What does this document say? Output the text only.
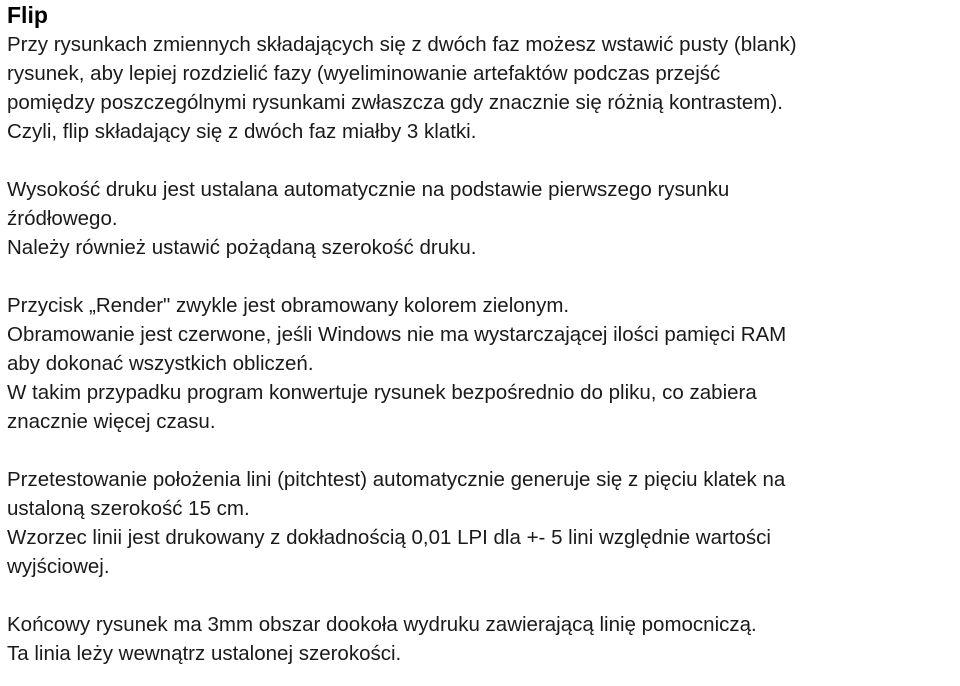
Flip

Przy rysunkach zmiennych składających się z dwóch faz możesz wstawić pusty (blank)

rysunek, aby lepiej rozdzielić fazy (wyeliminowanie artefaktów podczas przejść

pomiędzy poszczególnymi rysunkami zwłaszcza gdy znacznie się różnią kontrastem).

Czyli, flip składający się z dwóch faz miałby 3 klatki.

Wysokość druku jest ustalana automatycznie na podstawie pierwszego rysunku

źródłowego.

Należy również ustawić pożądaną szerokość druku.

Przycisk „Render" zwykle jest obramowany kolorem zielonym.

Obramowanie jest czerwone, jeśli Windows nie ma wystarczającej ilości pamięci RAM

aby dokonać wszystkich obliczeń.

W takim przypadku program konwertuje rysunek bezpośrednio do pliku, co zabiera

znacznie więcej czasu.

Przetestowanie położenia lini (pitchtest) automatycznie generuje się z pięciu klatek na

ustaloną szerokość 15 cm.

Wzorzec linii jest drukowany z dokładnością 0,01 LPI dla +- 5 lini względnie wartości

wyjściowej.

Końcowy rysunek ma 3mm obszar dookoła wydruku zawierającą linię pomocniczą.

Ta linia leży wewnątrz ustalonej szerokości.
